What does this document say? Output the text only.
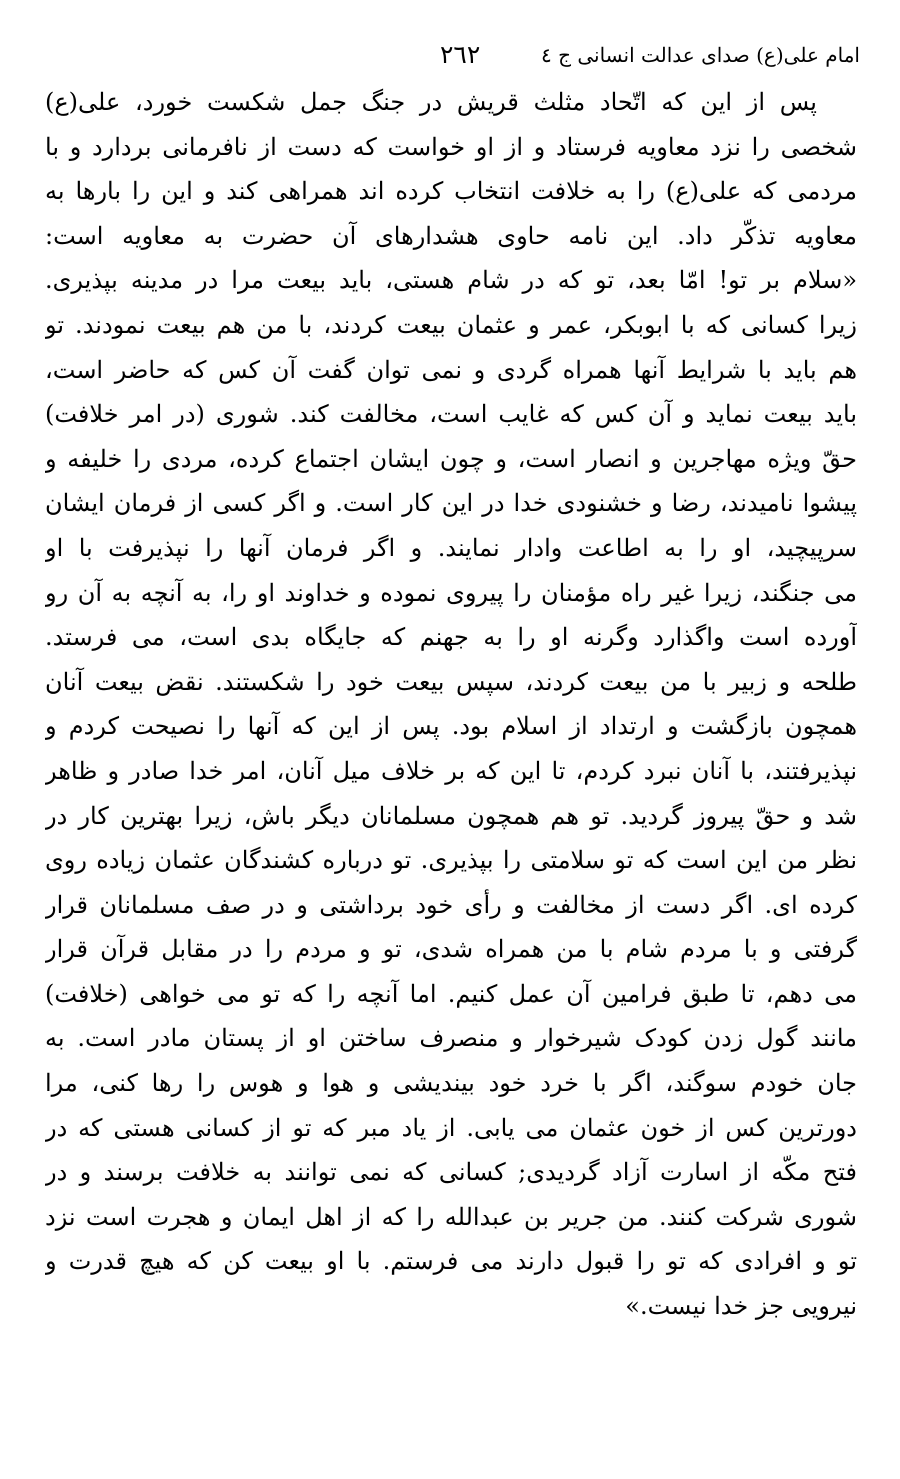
امام علی(ع) صدای عدالت انسانی ج ٤
٢٦٢
پس از این که اتّحاد مثلث قریش در جنگ جمل شکست خورد، علی(ع)
شخصی را نزد معاویه فرستاد و از او خواست که دست از نافرمانی بردارد و با
مردمی که علی(ع) را به خلافت انتخاب کرده اند همراهی کند و این را بارها به
معاویه تذکّر داد. این نامه حاوی هشدارهای آن حضرت به معاویه است:
«سلام بر تو! امّا بعد، تو که در شام هستی، باید بیعت مرا در مدینه بپذیری.
زیرا کسانی که با ابوبکر، عمر و عثمان بیعت کردند، با من هم بیعت نمودند. تو
هم باید با شرایط آنها همراه گردی و نمی توان گفت آن کس که حاضر است،
باید بیعت نماید و آن کس که غایب است، مخالفت کند. شوری (در امر خلافت)
حقّ ویژه مهاجرین و انصار است، و چون ایشان اجتماع کرده، مردی را خلیفه و
پیشوا نامیدند، رضا و خشنودی خدا در این کار است. و اگر کسی از فرمان ایشان
سرپیچید، او را به اطاعت وادار نمایند. و اگر فرمان آنها را نپذیرفت با او
می جنگند، زیرا غیر راه مؤمنان را پیروی نموده و خداوند او را، به آنچه به آن رو
آورده است واگذارد وگرنه او را به جهنم که جایگاه بدی است، می فرستد.
طلحه و زبیر با من بیعت کردند، سپس بیعت خود را شکستند. نقض بیعت آنان
همچون بازگشت و ارتداد از اسلام بود. پس از این که آنها را نصیحت کردم و
نپذیرفتند، با آنان نبرد کردم، تا این که بر خلاف میل آنان، امر خدا صادر و ظاهر
شد و حقّ پیروز گردید. تو هم همچون مسلمانان دیگر باش، زیرا بهترین کار در
نظر من این است که تو سلامتی را بپذیری. تو درباره کشندگان عثمان زیاده روی
کرده ای. اگر دست از مخالفت و رأی خود برداشتی و در صف مسلمانان قرار
گرفتی و با مردم شام با من همراه شدی، تو و مردم را در مقابل قرآن قرار
می دهم، تا طبق فرامین آن عمل کنیم. اما آنچه را که تو می خواهی (خلافت)
مانند گول زدن کودک شیرخوار و منصرف ساختن او از پستان مادر است. به
جان خودم سوگند، اگر با خرد خود بیندیشی و هوا و هوس را رها کنی، مرا
دورترین کس از خون عثمان می یابی. از یاد مبر که تو از کسانی هستی که در
فتح مکّه از اسارت آزاد گردیدی; کسانی که نمی توانند به خلافت برسند و در
شوری شرکت کنند. من جریر بن عبدالله را که از اهل ایمان و هجرت است نزد
تو و افرادی که تو را قبول دارند می فرستم. با او بیعت کن که هیچ قدرت و
نیرویی جز خدا نیست.»
